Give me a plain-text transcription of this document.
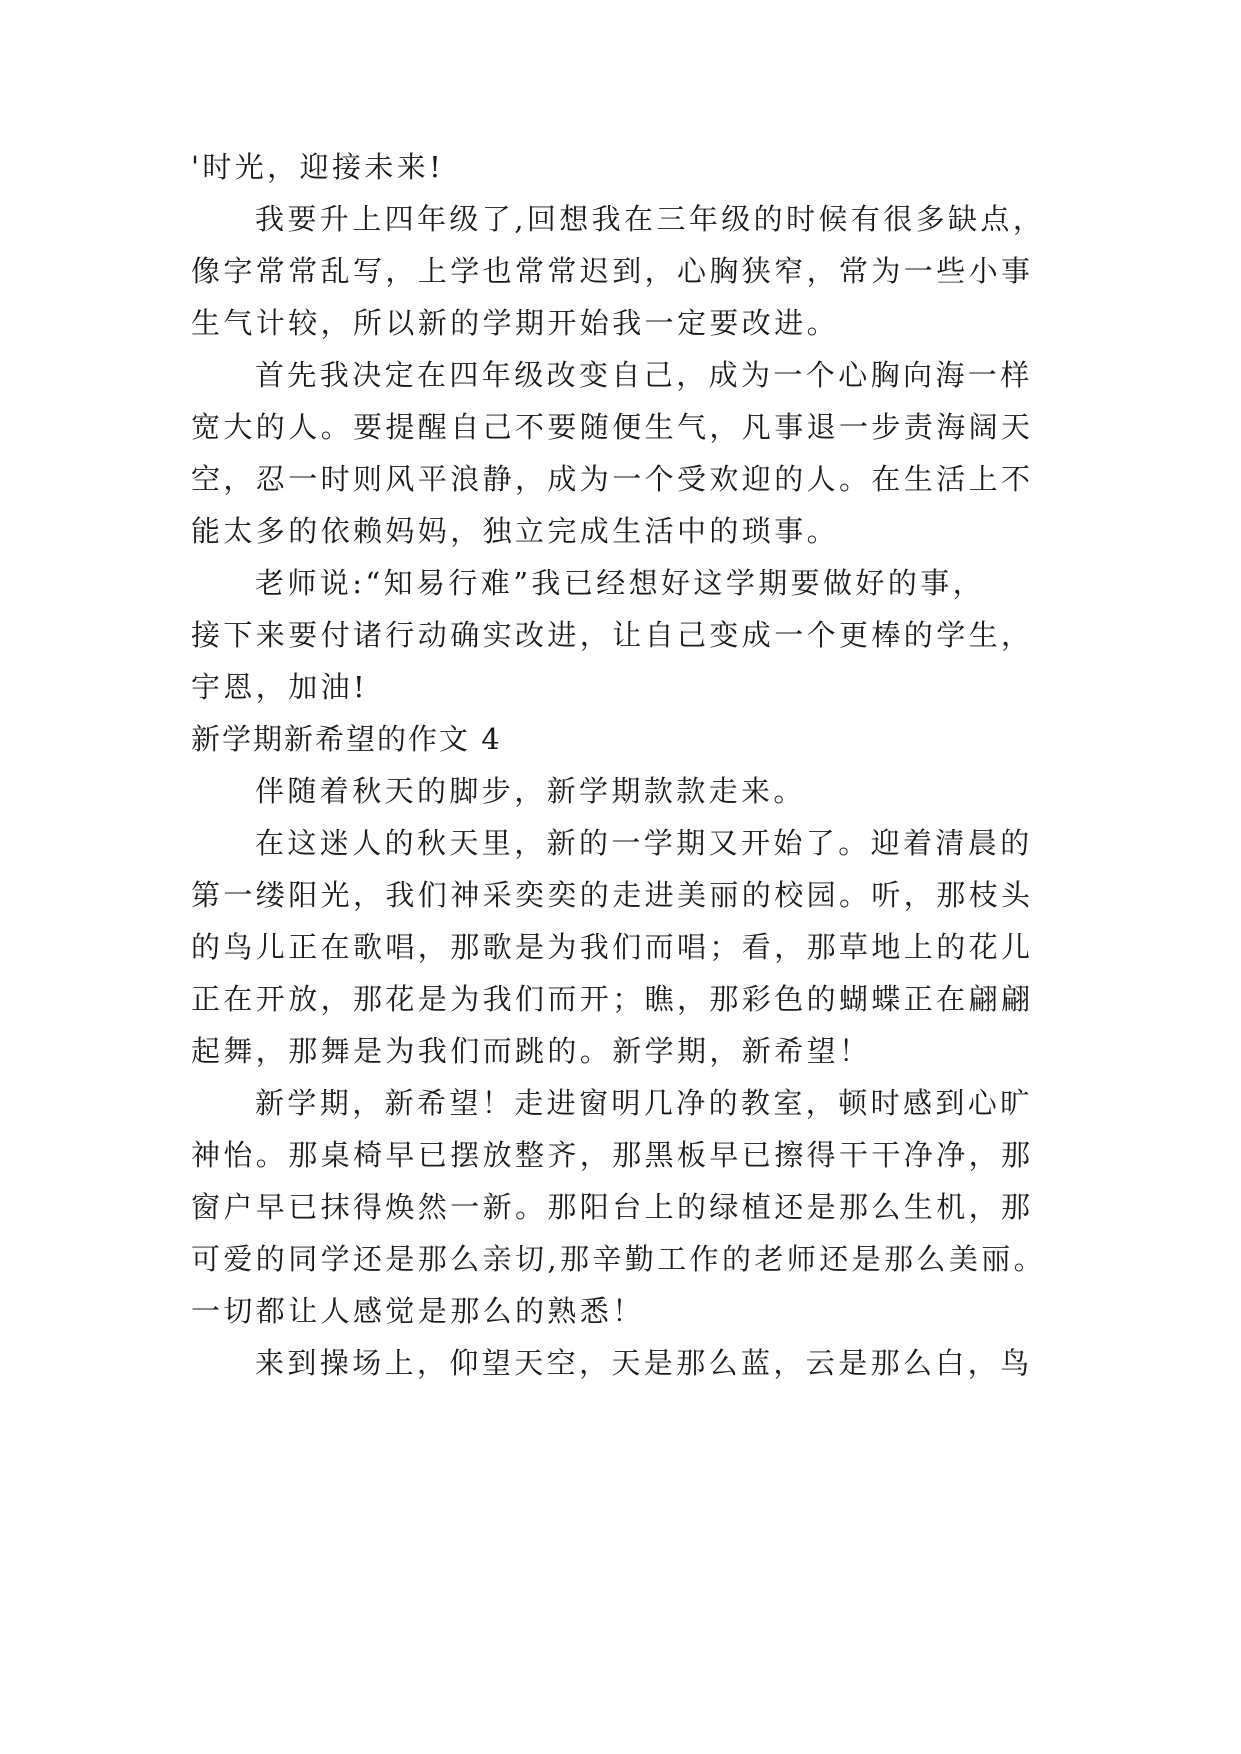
'时光，迎接未来!

我要升上四年级了,回想我在三年级的时候有很多缺点，

像字常常乱写，上学也常常迟到，心胸狭窄，常为一些小事

生气计较，所以新的学期开始我一定要改进。

首先我决定在四年级改变自己，成为一个心胸向海一样

宽大的人。要提醒自己不要随便生气，凡事退一步责海阔天

空，忍一时则风平浪静，成为一个受欢迎的人。在生活上不

能太多的依赖妈妈，独立完成生活中的琐事。

老师说:“知易行难”我已经想好这学期要做好的事，

接下来要付诸行动确实改进，让自己变成一个更棒的学生，

宇恩，加油!

新学期新希望的作文 4

伴随着秋天的脚步，新学期款款走来。

在这迷人的秋天里，新的一学期又开始了。迎着清晨的

第一缕阳光，我们神采奕奕的走进美丽的校园。听，那枝头

的鸟儿正在歌唱，那歌是为我们而唱；看，那草地上的花儿

正在开放，那花是为我们而开；瞧，那彩色的蝴蝶正在翩翩

起舞，那舞是为我们而跳的。新学期，新希望！

新学期，新希望！走进窗明几净的教室，顿时感到心旷

神怡。那桌椅早已摆放整齐，那黑板早已擦得干干净净，那

窗户早已抹得焕然一新。那阳台上的绿植还是那么生机，那

可爱的同学还是那么亲切,那辛勤工作的老师还是那么美丽。

一切都让人感觉是那么的熟悉！

来到操场上，仰望天空，天是那么蓝，云是那么白，鸟
